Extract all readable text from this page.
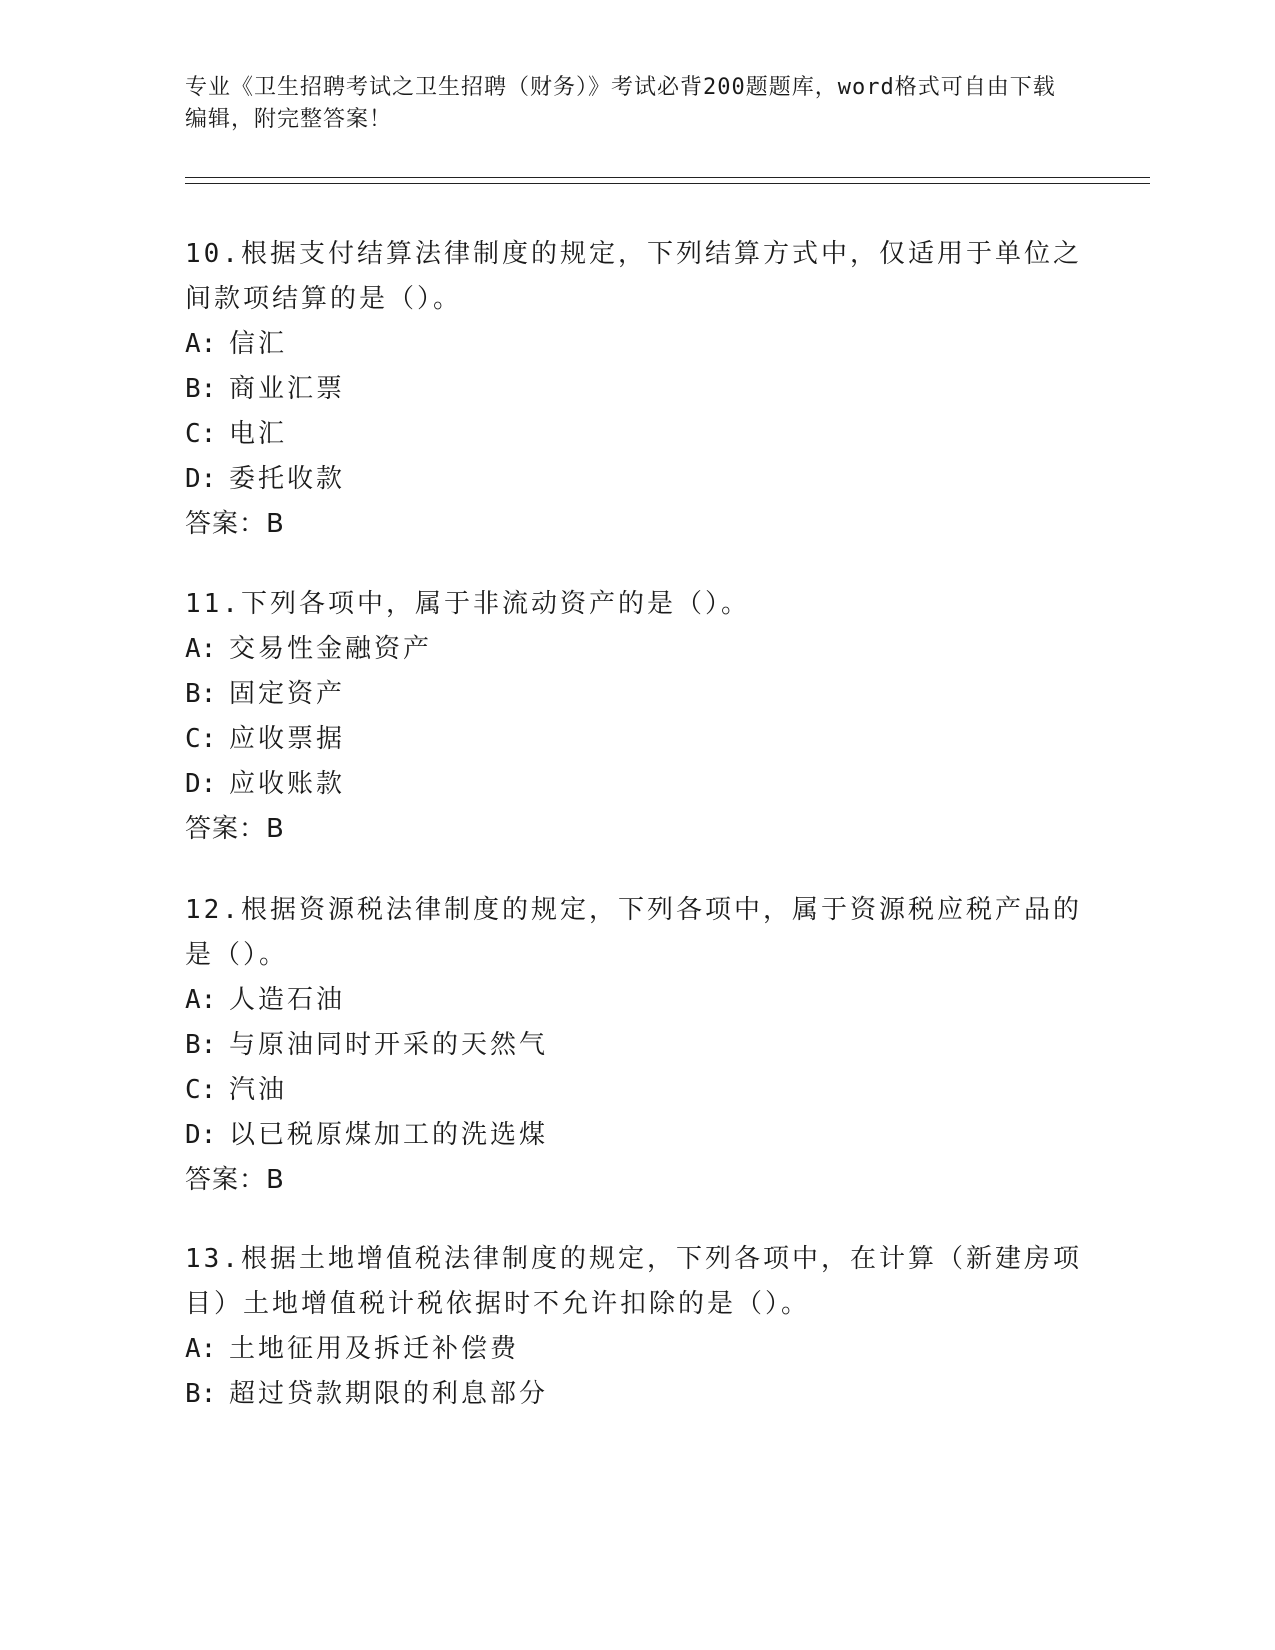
专业《卫生招聘考试之卫生招聘（财务）》考试必背200题题库，word格式可自由下载编辑，附完整答案！
10.根据支付结算法律制度的规定，下列结算方式中，仅适用于单位之间款项结算的是（）。
A: 信汇
B: 商业汇票
C: 电汇
D: 委托收款
答案：B
11.下列各项中，属于非流动资产的是（）。
A: 交易性金融资产
B: 固定资产
C: 应收票据
D: 应收账款
答案：B
12.根据资源税法律制度的规定，下列各项中，属于资源税应税产品的是（）。
A: 人造石油
B: 与原油同时开采的天然气
C: 汽油
D: 以已税原煤加工的洗选煤
答案：B
13.根据土地增值税法律制度的规定，下列各项中，在计算（新建房项目）土地增值税计税依据时不允许扣除的是（）。
A: 土地征用及拆迁补偿费
B: 超过贷款期限的利息部分
